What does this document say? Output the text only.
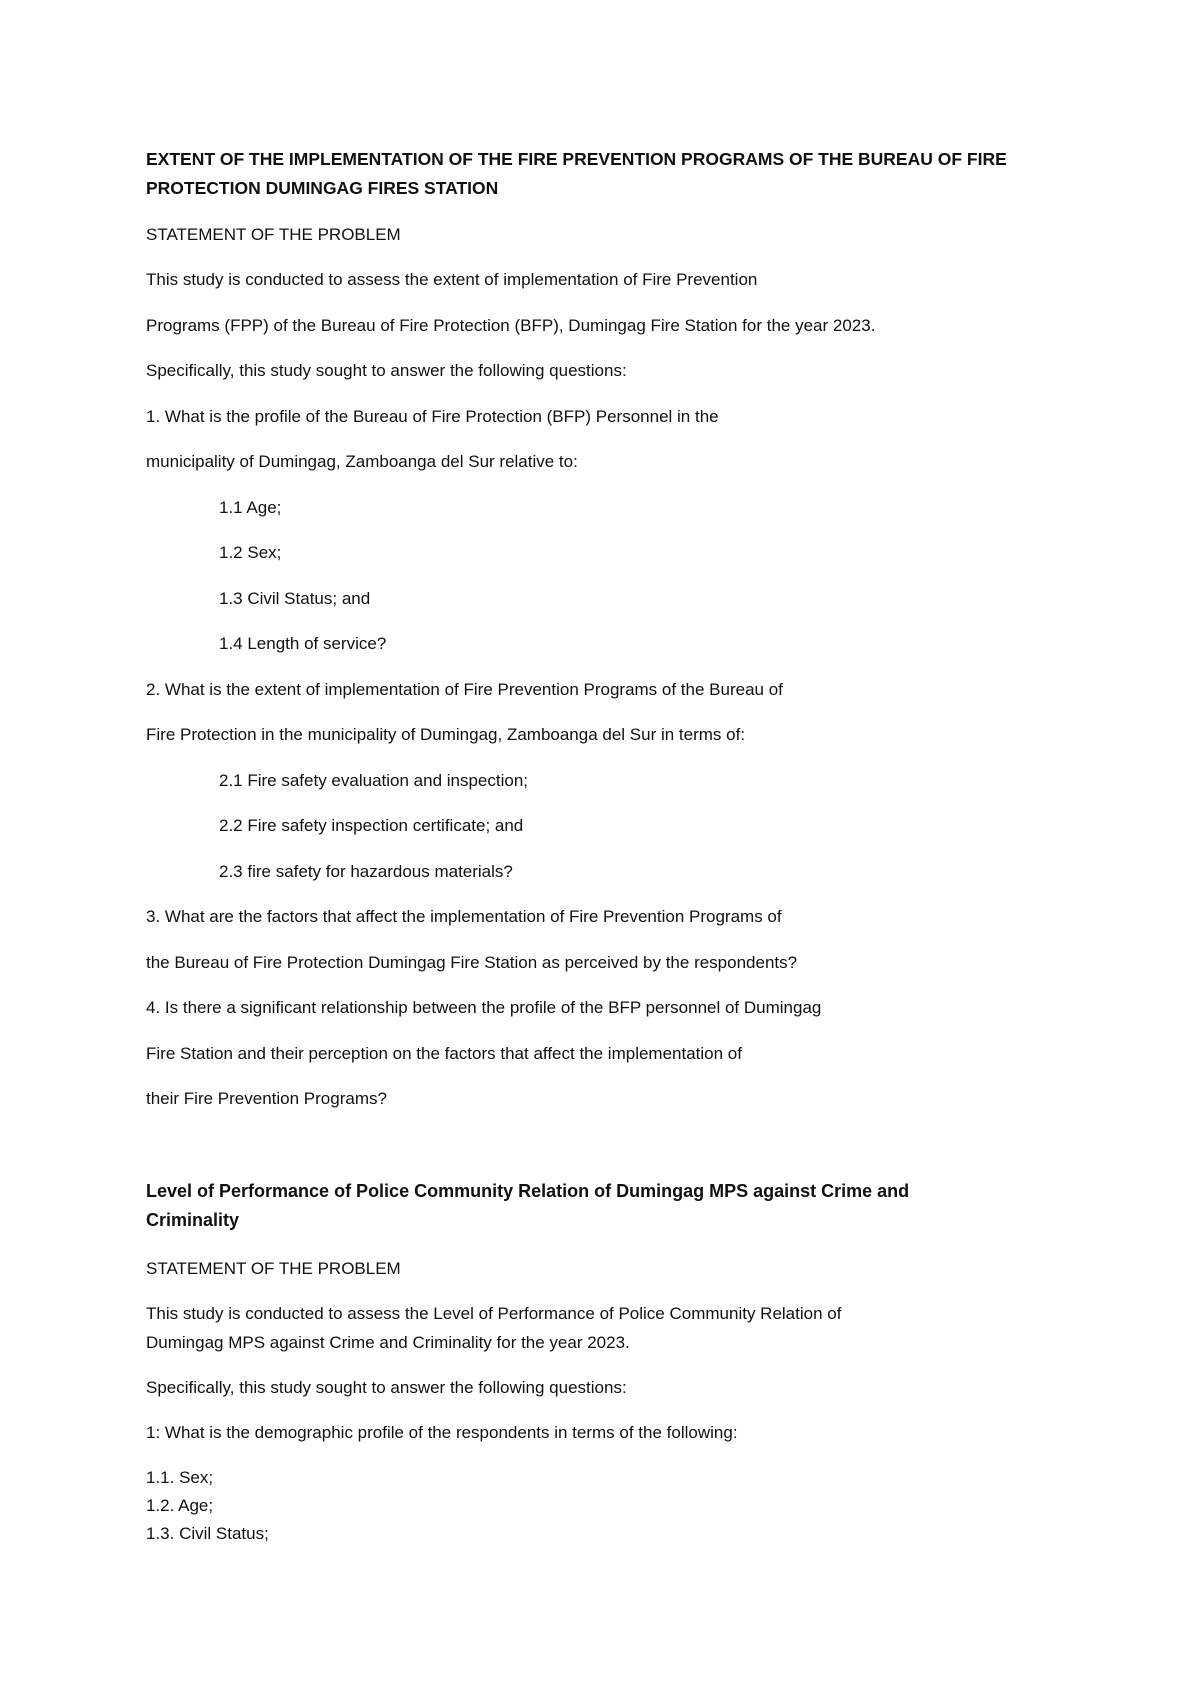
EXTENT OF THE IMPLEMENTATION OF THE FIRE PREVENTION PROGRAMS OF THE BUREAU OF FIRE
PROTECTION DUMINGAG FIRES STATION
STATEMENT OF THE PROBLEM
This study is conducted to assess the extent of implementation of Fire Prevention
Programs (FPP) of the Bureau of Fire Protection (BFP), Dumingag Fire Station for the year 2023.
Specifically, this study sought to answer the following questions:
1. What is the profile of the Bureau of Fire Protection (BFP) Personnel in the
municipality of Dumingag, Zamboanga del Sur relative to:
1.1 Age;
1.2 Sex;
1.3 Civil Status; and
1.4 Length of service?
2. What is the extent of implementation of Fire Prevention Programs of the Bureau of
Fire Protection in the municipality of Dumingag, Zamboanga del Sur in terms of:
2.1 Fire safety evaluation and inspection;
2.2 Fire safety inspection certificate; and
2.3 fire safety for hazardous materials?
3. What are the factors that affect the implementation of Fire Prevention Programs of
the Bureau of Fire Protection Dumingag Fire Station as perceived by the respondents?
4. Is there a significant relationship between the profile of the BFP personnel of Dumingag
Fire Station and their perception on the factors that affect the implementation of
their Fire Prevention Programs?
Level of Performance of Police Community Relation of Dumingag MPS against Crime and
Criminality
STATEMENT OF THE PROBLEM
This study is conducted to assess the Level of Performance of Police Community Relation of
Dumingag MPS against Crime and Criminality for the year 2023.
Specifically, this study sought to answer the following questions:
1: What is the demographic profile of the respondents in terms of the following:
1.1. Sex;
1.2. Age;
1.3. Civil Status;
